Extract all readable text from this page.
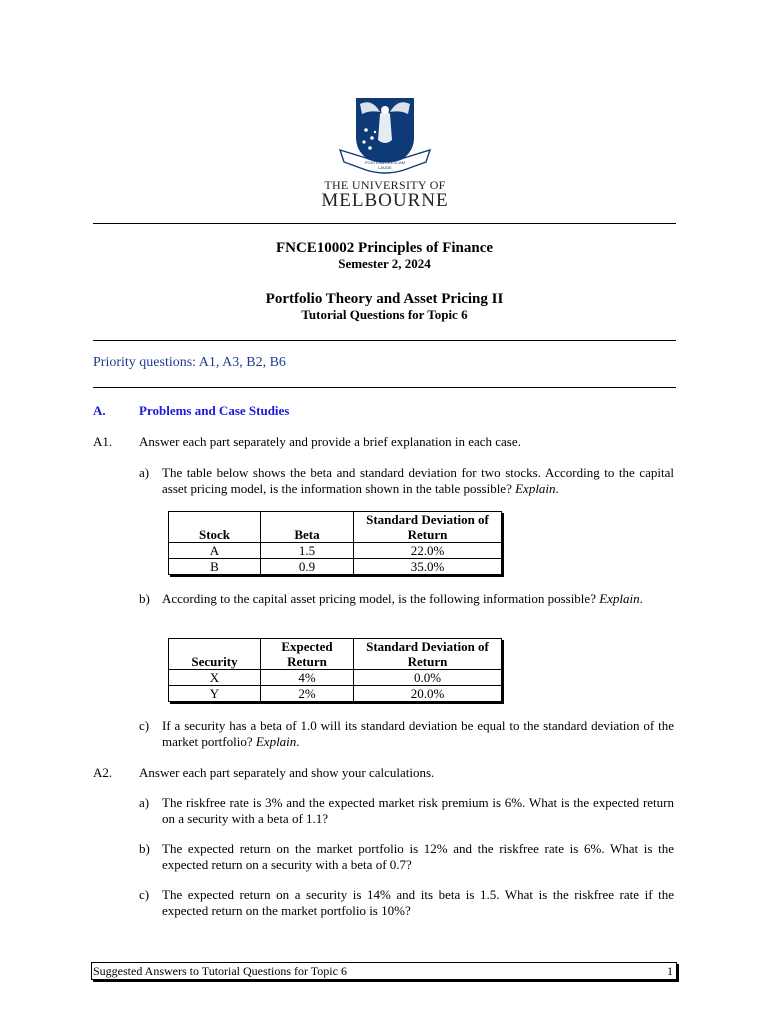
POSTERA CRESCAM LAUDE
THE UNIVERSITY OF
MELBOURNE
FNCE10002 Principles of Finance
Semester 2, 2024
Portfolio Theory and Asset Pricing II
Tutorial Questions for Topic 6
Priority questions: A1, A3, B2, B6
A.	Problems and Case Studies
A1. Answer each part separately and provide a brief explanation in each case.
a) The table below shows the beta and standard deviation for two stocks. According to the capital asset pricing model, is the information shown in the table possible? Explain.
Stock	Beta	Standard Deviation of Return
A	1.5	22.0%
B	0.9	35.0%
b) According to the capital asset pricing model, is the following information possible? Explain.
Security	Expected Return	Standard Deviation of Return
X	4%	0.0%
Y	2%	20.0%
c) If a security has a beta of 1.0 will its standard deviation be equal to the standard deviation of the market portfolio? Explain.
A2. Answer each part separately and show your calculations.
a) The riskfree rate is 3% and the expected market risk premium is 6%. What is the expected return on a security with a beta of 1.1?
b) The expected return on the market portfolio is 12% and the riskfree rate is 6%. What is the expected return on a security with a beta of 0.7?
c) The expected return on a security is 14% and its beta is 1.5. What is the riskfree rate if the expected return on the market portfolio is 10%?
Suggested Answers to Tutorial Questions for Topic 6	1
